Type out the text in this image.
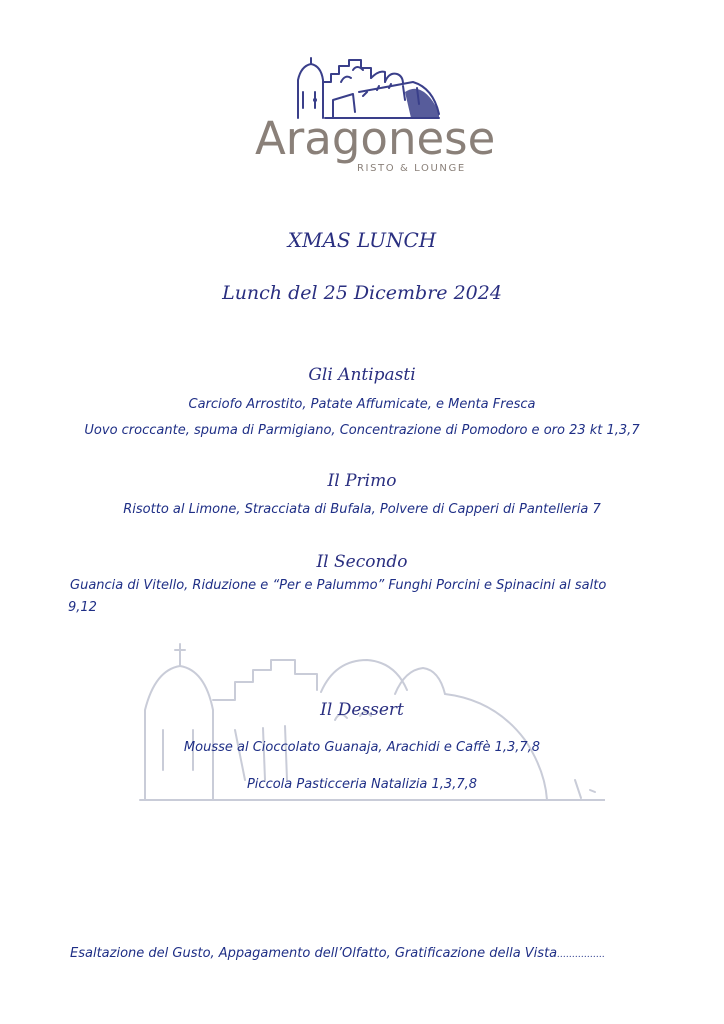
Aragonese
RISTO & LOUNGE
XMAS LUNCH
Lunch del 25 Dicembre 2024
Gli Antipasti
Carciofo Arrostito, Patate Affumicate, e Menta Fresca
Uovo croccante, spuma di Parmigiano, Concentrazione di Pomodoro e oro 23 kt 1,3,7
Il Primo
Risotto al Limone, Stracciata di Bufala, Polvere di Capperi di Pantelleria 7
Il Secondo
Guancia di Vitello, Riduzione e “Per e Palummo” Funghi Porcini e Spinacini al salto
9,12
Il Dessert
Mousse al Cioccolato Guanaja, Arachidi e Caffè 1,3,7,8
Piccola Pasticceria Natalizia 1,3,7,8
Esaltazione del Gusto, Appagamento dell’Olfatto, Gratificazione della Vista…………….
